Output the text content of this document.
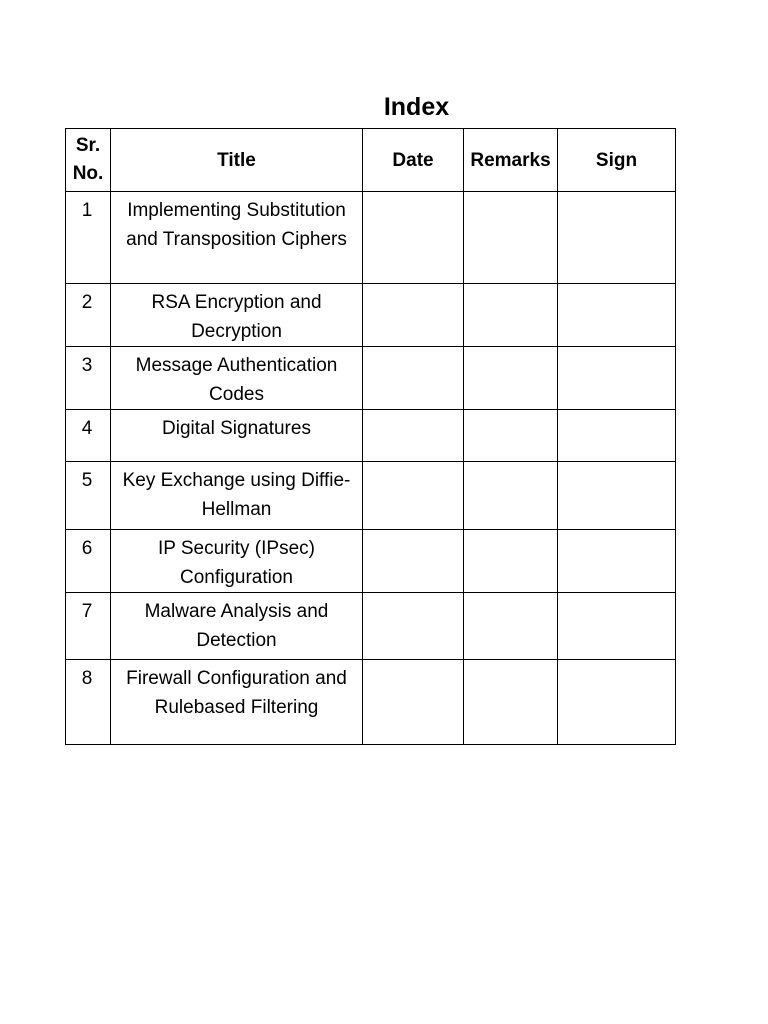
Index
Sr.
No.	Title	Date	Remarks	Sign
1	Implementing Substitution and Transposition Ciphers			
2	RSA Encryption and Decryption			
3	Message Authentication Codes			
4	Digital Signatures			
5	Key Exchange using Diffie-Hellman			
6	IP Security (IPsec) Configuration			
7	Malware Analysis and Detection			
8	Firewall Configuration and Rulebased Filtering			
